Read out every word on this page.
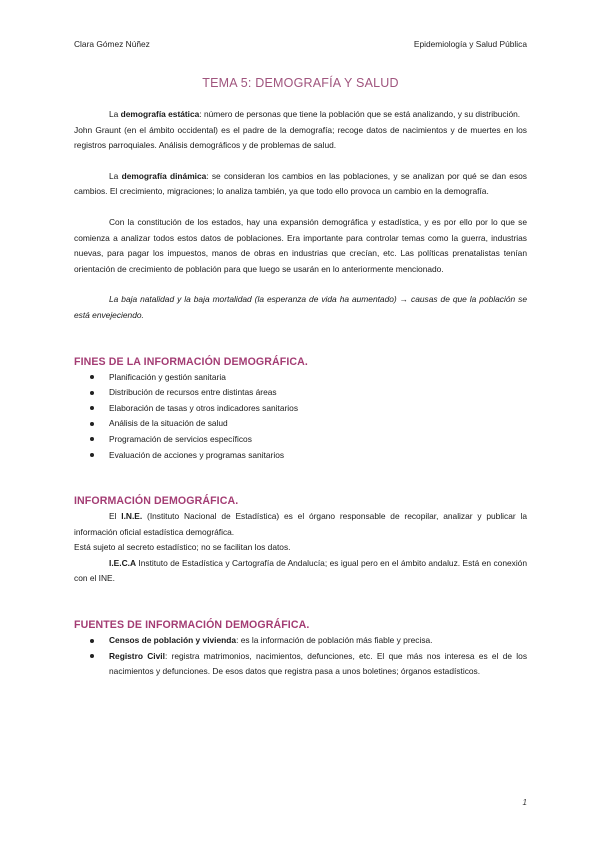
Clara Gómez Núñez	Epidemiología y Salud Pública
TEMA 5: DEMOGRAFÍA Y SALUD

La demografía estática: número de personas que tiene la población que se está analizando, y su distribución.

John Graunt (en el ámbito occidental) es el padre de la demografía; recoge datos de nacimientos y de muertes en los registros parroquiales. Análisis demográficos y de problemas de salud.

La demografía dinámica: se consideran los cambios en las poblaciones, y se analizan por qué se dan esos cambios. El crecimiento, migraciones; lo analiza también, ya que todo ello provoca un cambio en la demografía.

Con la constitución de los estados, hay una expansión demográfica y estadística, y es por ello por lo que se comienza a analizar todos estos datos de poblaciones. Era importante para controlar temas como la guerra, industrias nuevas, para pagar los impuestos, manos de obras en industrias que crecían, etc. Las políticas prenatalistas tenían orientación de crecimiento de población para que luego se usarán en lo anteriormente mencionado.

La baja natalidad y la baja mortalidad (la esperanza de vida ha aumentado) → causas de que la población se está envejeciendo.

FINES DE LA INFORMACIÓN DEMOGRÁFICA.
Planificación y gestión sanitaria
Distribución de recursos entre distintas áreas
Elaboración de tasas y otros indicadores sanitarios
Análisis de la situación de salud
Programación de servicios específicos
Evaluación de acciones y programas sanitarios
INFORMACIÓN DEMOGRÁFICA.

El I.N.E. (Instituto Nacional de Estadística) es el órgano responsable de recopilar, analizar y publicar la información oficial estadística demográfica.

Está sujeto al secreto estadístico; no se facilitan los datos.

I.E.C.A Instituto de Estadística y Cartografía de Andalucía; es igual pero en el ámbito andaluz. Está en conexión con el INE.

FUENTES DE INFORMACIÓN DEMOGRÁFICA.
Censos de población y vivienda: es la información de población más fiable y precisa.
Registro Civil: registra matrimonios, nacimientos, defunciones, etc. El que más nos interesa es el de los nacimientos y defunciones. De esos datos que registra pasa a unos boletines; órganos estadísticos.
1
